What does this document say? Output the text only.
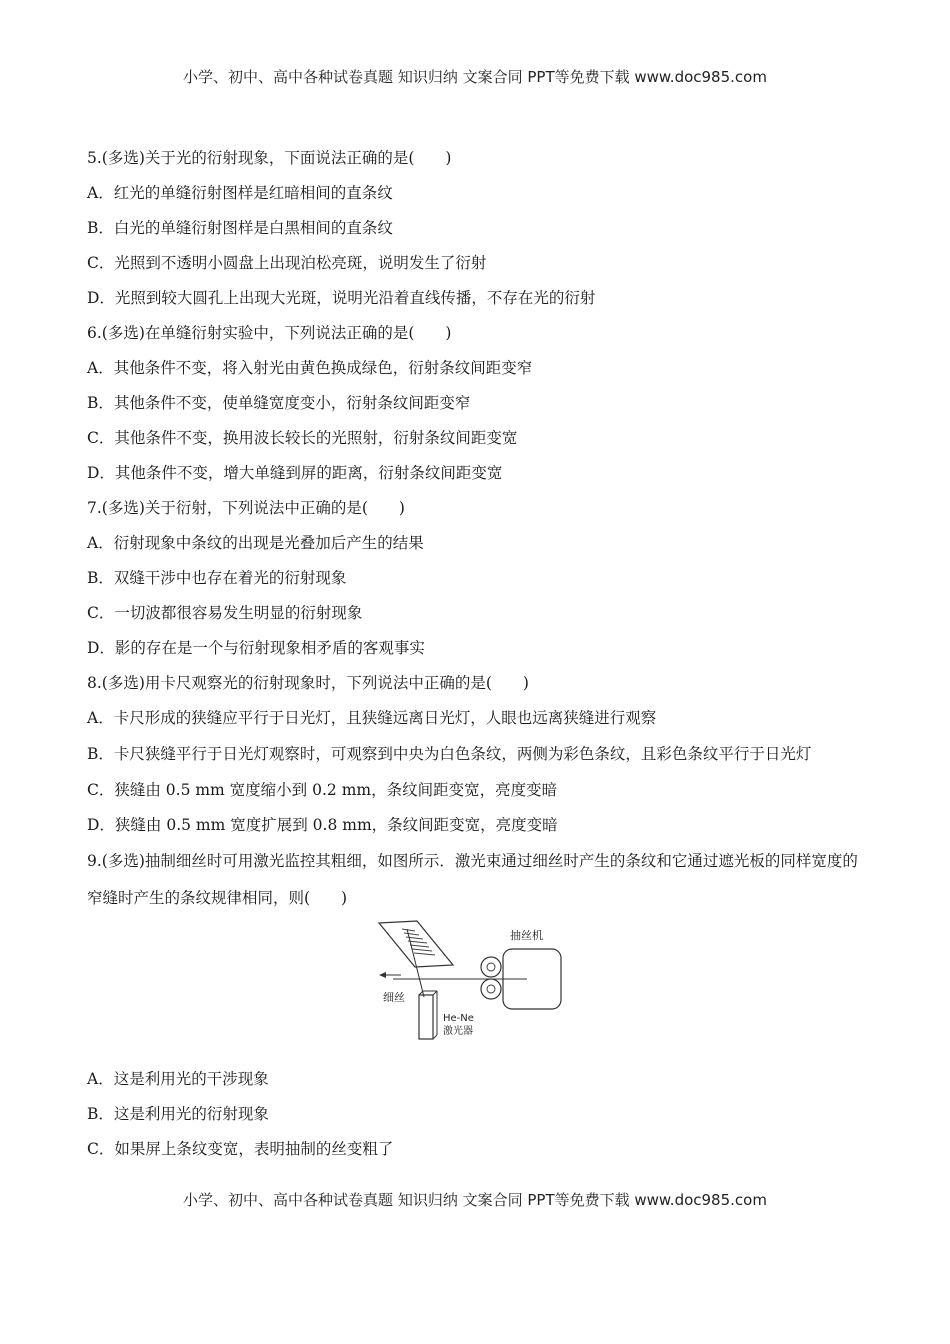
小学、初中、高中各种试卷真题 知识归纳 文案合同 PPT等免费下载 www.doc985.com
5.(多选)关于光的衍射现象，下面说法正确的是(　　)
A．红光的单缝衍射图样是红暗相间的直条纹
B．白光的单缝衍射图样是白黑相间的直条纹
C．光照到不透明小圆盘上出现泊松亮斑，说明发生了衍射
D．光照到较大圆孔上出现大光斑，说明光沿着直线传播，不存在光的衍射
6.(多选)在单缝衍射实验中，下列说法正确的是(　　)
A．其他条件不变，将入射光由黄色换成绿色，衍射条纹间距变窄
B．其他条件不变，使单缝宽度变小，衍射条纹间距变窄
C．其他条件不变，换用波长较长的光照射，衍射条纹间距变宽
D．其他条件不变，增大单缝到屏的距离，衍射条纹间距变宽
7.(多选)关于衍射，下列说法中正确的是(　　)
A．衍射现象中条纹的出现是光叠加后产生的结果
B．双缝干涉中也存在着光的衍射现象
C．一切波都很容易发生明显的衍射现象
D．影的存在是一个与衍射现象相矛盾的客观事实
8.(多选)用卡尺观察光的衍射现象时，下列说法中正确的是(　　)
A．卡尺形成的狭缝应平行于日光灯，且狭缝远离日光灯，人眼也远离狭缝进行观察
B．卡尺狭缝平行于日光灯观察时，可观察到中央为白色条纹，两侧为彩色条纹，且彩色条纹平行于日光灯
C．狭缝由 0.5 mm 宽度缩小到 0.2 mm，条纹间距变宽，亮度变暗
D．狭缝由 0.5 mm 宽度扩展到 0.8 mm，条纹间距变宽，亮度变暗
9.(多选)抽制细丝时可用激光监控其粗细，如图所示．激光束通过细丝时产生的条纹和它通过遮光板的同样宽度的窄缝时产生的条纹规律相同，则(　　)
抽丝机
细丝
He-Ne
激光器
A．这是利用光的干涉现象
B．这是利用光的衍射现象
C．如果屏上条纹变宽，表明抽制的丝变粗了
小学、初中、高中各种试卷真题 知识归纳 文案合同 PPT等免费下载 www.doc985.com
